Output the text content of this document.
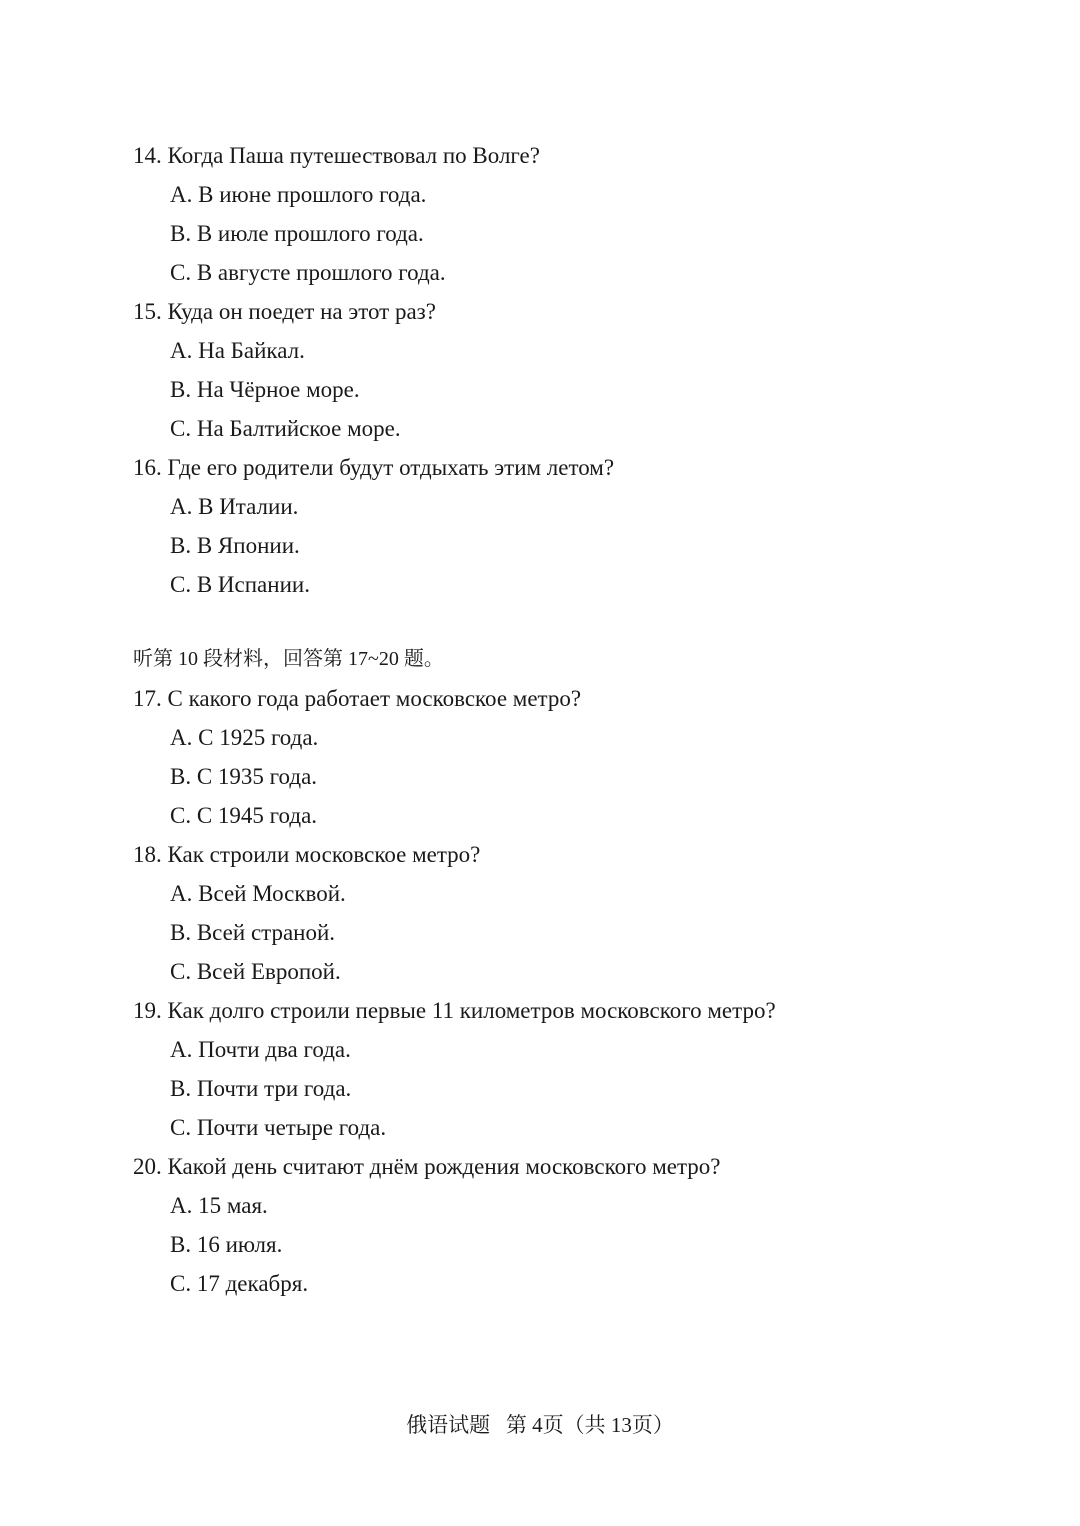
14. Когда Паша путешествовал по Волге?
A. В июне прошлого года.
B. В июле прошлого года.
C. В августе прошлого года.
15. Куда он поедет на этот раз?
A. На Байкал.
B. На Чёрное море.
C. На Балтийское море.
16. Где его родители будут отдыхать этим летом?
A. В Италии.
B. В Японии.
C. В Испании.
听第 10 段材料，回答第 17~20 题。
17. С какого года работает московское метро?
A. С 1925 года.
B. С 1935 года.
C. С 1945 года.
18. Как строили московское метро?
A. Всей Москвой.
B. Всей страной.
C. Всей Европой.
19. Как долго строили первые 11 километров московского метро?
A. Почти два года.
B. Почти три года.
C. Почти четыре года.
20. Какой день считают днём рождения московского метро?
A. 15 мая.
B. 16 июля.
C. 17 декабря.
俄语试题   第 4页（共 13页）
